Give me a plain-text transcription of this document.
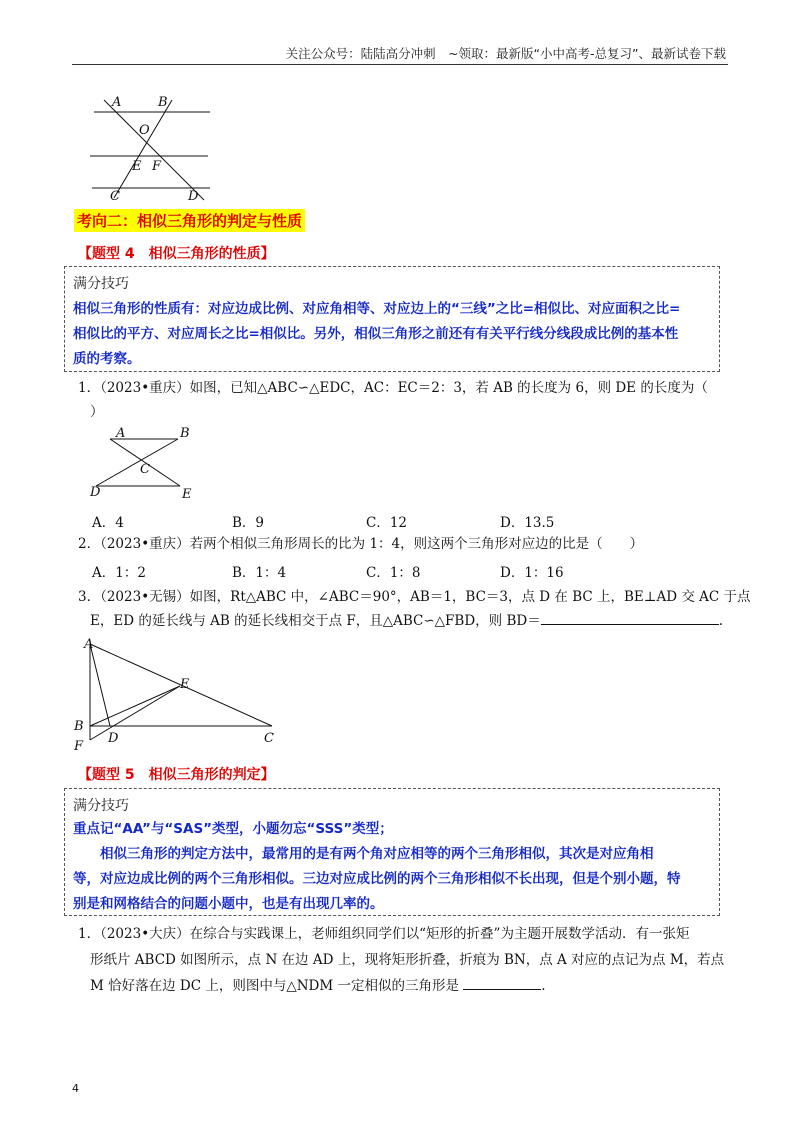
关注公众号：陆陆高分冲刺　~领取：最新版“小中高考-总复习”、最新试卷下载
A	B
O
E F
C	D
考向二：相似三角形的判定与性质
【题型 4　相似三角形的性质】
满分技巧
相似三角形的性质有：对应边成比例、对应角相等、对应边上的“三线”之比=相似比、对应面积之比=
相似比的平方、对应周长之比=相似比。另外，相似三角形之前还有有关平行线分线段成比例的基本性
质的考察。
1．（2023•重庆）如图，已知△ABC∽△EDC，AC：EC＝2：3，若 AB 的长度为 6，则 DE 的长度为（
）
A	B
C
D	E
A．4	B．9	C．12	D．13.5
2．（2023•重庆）若两个相似三角形周长的比为 1：4，则这两个三角形对应边的比是（　　）
A．1：2	B．1：4	C．1：8	D．1：16
3．（2023•无锡）如图，Rt△ABC 中，∠ABC＝90°，AB＝1，BC＝3，点 D 在 BC 上，BE⊥AD 交 AC 于点
E，ED 的延长线与 AB 的延长线相交于点 F，且△ABC∽△FBD，则 BD＝	.
A
E
B
D	C
F
【题型 5　相似三角形的判定】
满分技巧
重点记“AA”与“SAS”类型，小题勿忘“SSS”类型；
　　相似三角形的判定方法中，最常用的是有两个角对应相等的两个三角形相似，其次是对应角相
等，对应边成比例的两个三角形相似。三边对应成比例的两个三角形相似不长出现，但是个别小题，特
别是和网格结合的问题小题中，也是有出现几率的。
1．（2023•大庆）在综合与实践课上，老师组织同学们以“矩形的折叠”为主题开展数学活动．有一张矩
形纸片 ABCD 如图所示，点 N 在边 AD 上，现将矩形折叠，折痕为 BN，点 A 对应的点记为点 M，若点
M 恰好落在边 DC 上，则图中与△NDM 一定相似的三角形是	.
4
